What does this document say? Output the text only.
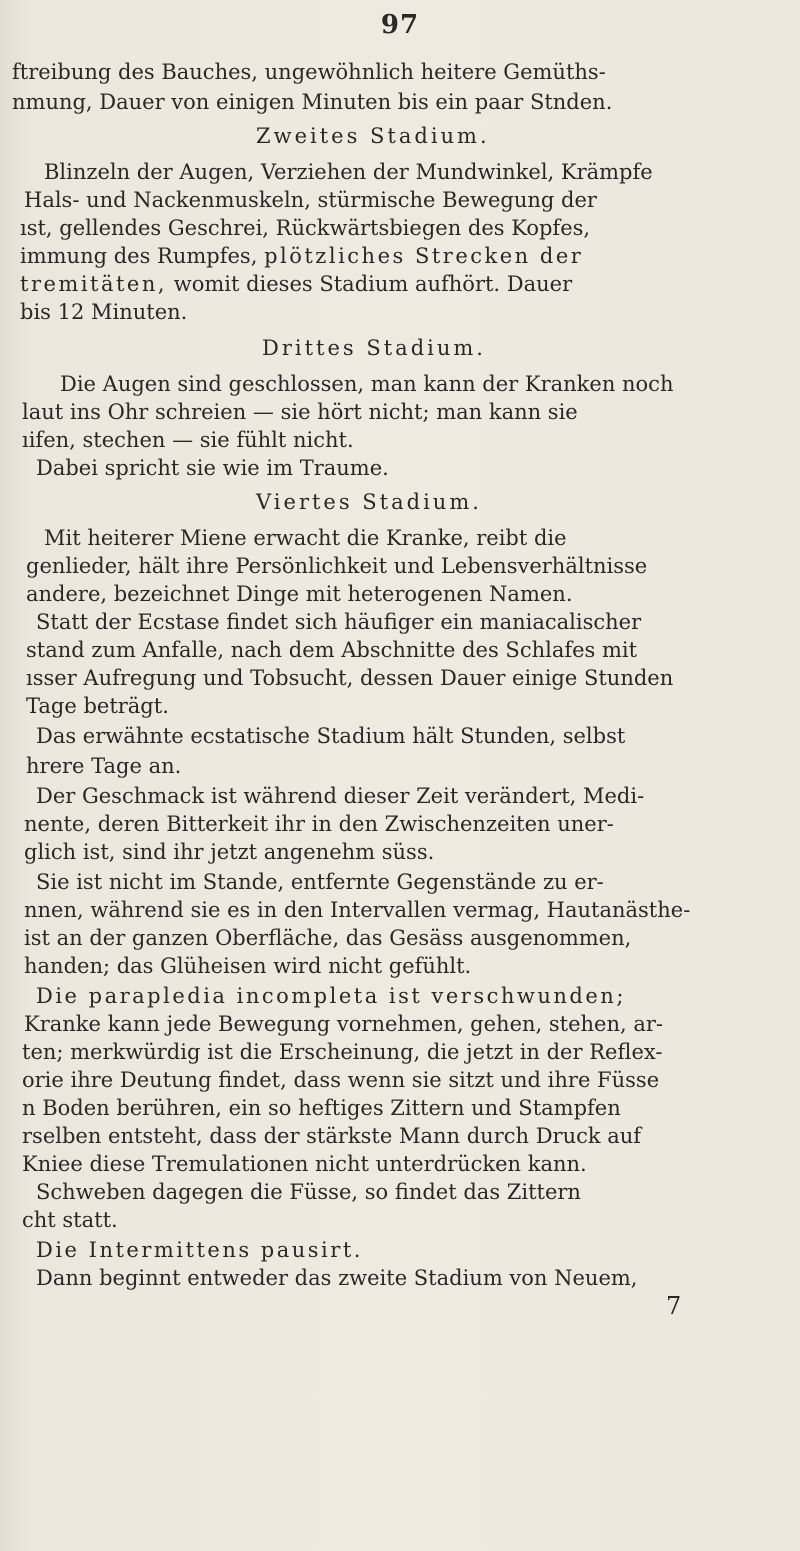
97
ftreibung des Bauches, ungewöhnlich heitere Gemüths-
nmung, Dauer von einigen Minuten bis ein paar Stnden.
Zweites Stadium.
Blinzeln der Augen, Verziehen der Mundwinkel, Krämpfe
Hals- und Nackenmuskeln, stürmische Bewegung der
ıst, gellendes Geschrei, Rückwärtsbiegen des Kopfes,
immung des Rumpfes, plötzliches Strecken der
tremitäten, womit dieses Stadium aufhört. Dauer
bis 12 Minuten.
Drittes Stadium.
Die Augen sind geschlossen, man kann der Kranken noch
laut ins Ohr schreien — sie hört nicht; man kann sie
ıifen, stechen — sie fühlt nicht.
Dabei spricht sie wie im Traume.
Viertes Stadium.
Mit heiterer Miene erwacht die Kranke, reibt die
genlieder, hält ihre Persönlichkeit und Lebensverhältnisse
andere, bezeichnet Dinge mit heterogenen Namen.
Statt der Ecstase findet sich häufiger ein maniacalischer
stand zum Anfalle, nach dem Abschnitte des Schlafes mit
ısser Aufregung und Tobsucht, dessen Dauer einige Stunden
Tage beträgt.
Das erwähnte ecstatische Stadium hält Stunden, selbst
hrere Tage an.
Der Geschmack ist während dieser Zeit verändert, Medi-
nente, deren Bitterkeit ihr in den Zwischenzeiten uner-
glich ist, sind ihr jetzt angenehm süss.
Sie ist nicht im Stande, entfernte Gegenstände zu er-
nnen, während sie es in den Intervallen vermag, Hautanästhe-
ist an der ganzen Oberfläche, das Gesäss ausgenommen,
handen; das Glüheisen wird nicht gefühlt.
Die parapledia incompleta ist verschwunden;
Kranke kann jede Bewegung vornehmen, gehen, stehen, ar-
ten; merkwürdig ist die Erscheinung, die jetzt in der Reflex-
orie ihre Deutung findet, dass wenn sie sitzt und ihre Füsse
n Boden berühren, ein so heftiges Zittern und Stampfen
rselben entsteht, dass der stärkste Mann durch Druck auf
Kniee diese Tremulationen nicht unterdrücken kann.
Schweben dagegen die Füsse, so findet das Zittern
cht statt.
Die Intermittens pausirt.
Dann beginnt entweder das zweite Stadium von Neuem,
7
